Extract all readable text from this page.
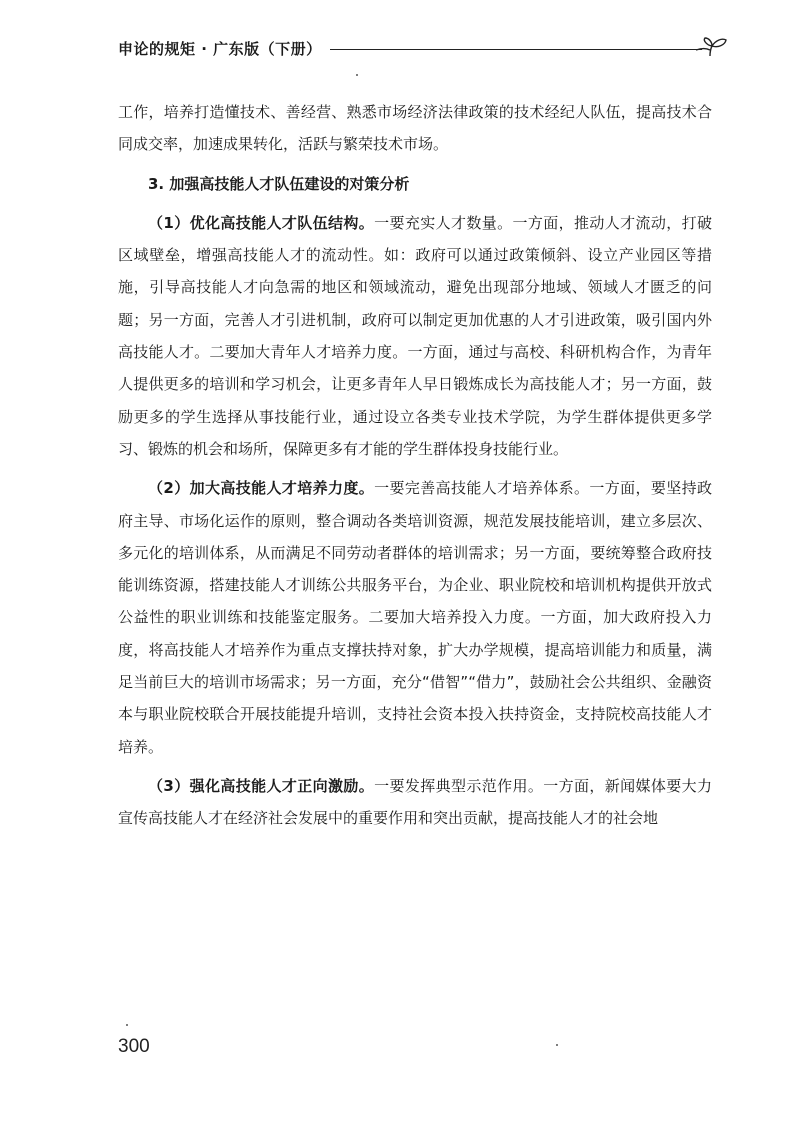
申论的规矩 · 广东版（下册）

工作，培养打造懂技术、善经营、熟悉市场经济法律政策的技术经纪人队伍，提高技术合同成交率，加速成果转化，活跃与繁荣技术市场。

3. 加强高技能人才队伍建设的对策分析

（1）优化高技能人才队伍结构。一要充实人才数量。一方面，推动人才流动，打破区域壁垒，增强高技能人才的流动性。如：政府可以通过政策倾斜、设立产业园区等措施，引导高技能人才向急需的地区和领域流动，避免出现部分地域、领域人才匮乏的问题；另一方面，完善人才引进机制，政府可以制定更加优惠的人才引进政策，吸引国内外高技能人才。二要加大青年人才培养力度。一方面，通过与高校、科研机构合作，为青年人提供更多的培训和学习机会，让更多青年人早日锻炼成长为高技能人才；另一方面，鼓励更多的学生选择从事技能行业，通过设立各类专业技术学院，为学生群体提供更多学习、锻炼的机会和场所，保障更多有才能的学生群体投身技能行业。

（2）加大高技能人才培养力度。一要完善高技能人才培养体系。一方面，要坚持政府主导、市场化运作的原则，整合调动各类培训资源，规范发展技能培训，建立多层次、多元化的培训体系，从而满足不同劳动者群体的培训需求；另一方面，要统筹整合政府技能训练资源，搭建技能人才训练公共服务平台，为企业、职业院校和培训机构提供开放式公益性的职业训练和技能鉴定服务。二要加大培养投入力度。一方面，加大政府投入力度，将高技能人才培养作为重点支撑扶持对象，扩大办学规模，提高培训能力和质量，满足当前巨大的培训市场需求；另一方面，充分“借智”“借力”，鼓励社会公共组织、金融资本与职业院校联合开展技能提升培训，支持社会资本投入扶持资金，支持院校高技能人才培养。

（3）强化高技能人才正向激励。一要发挥典型示范作用。一方面，新闻媒体要大力宣传高技能人才在经济社会发展中的重要作用和突出贡献，提高技能人才的社会地

300
